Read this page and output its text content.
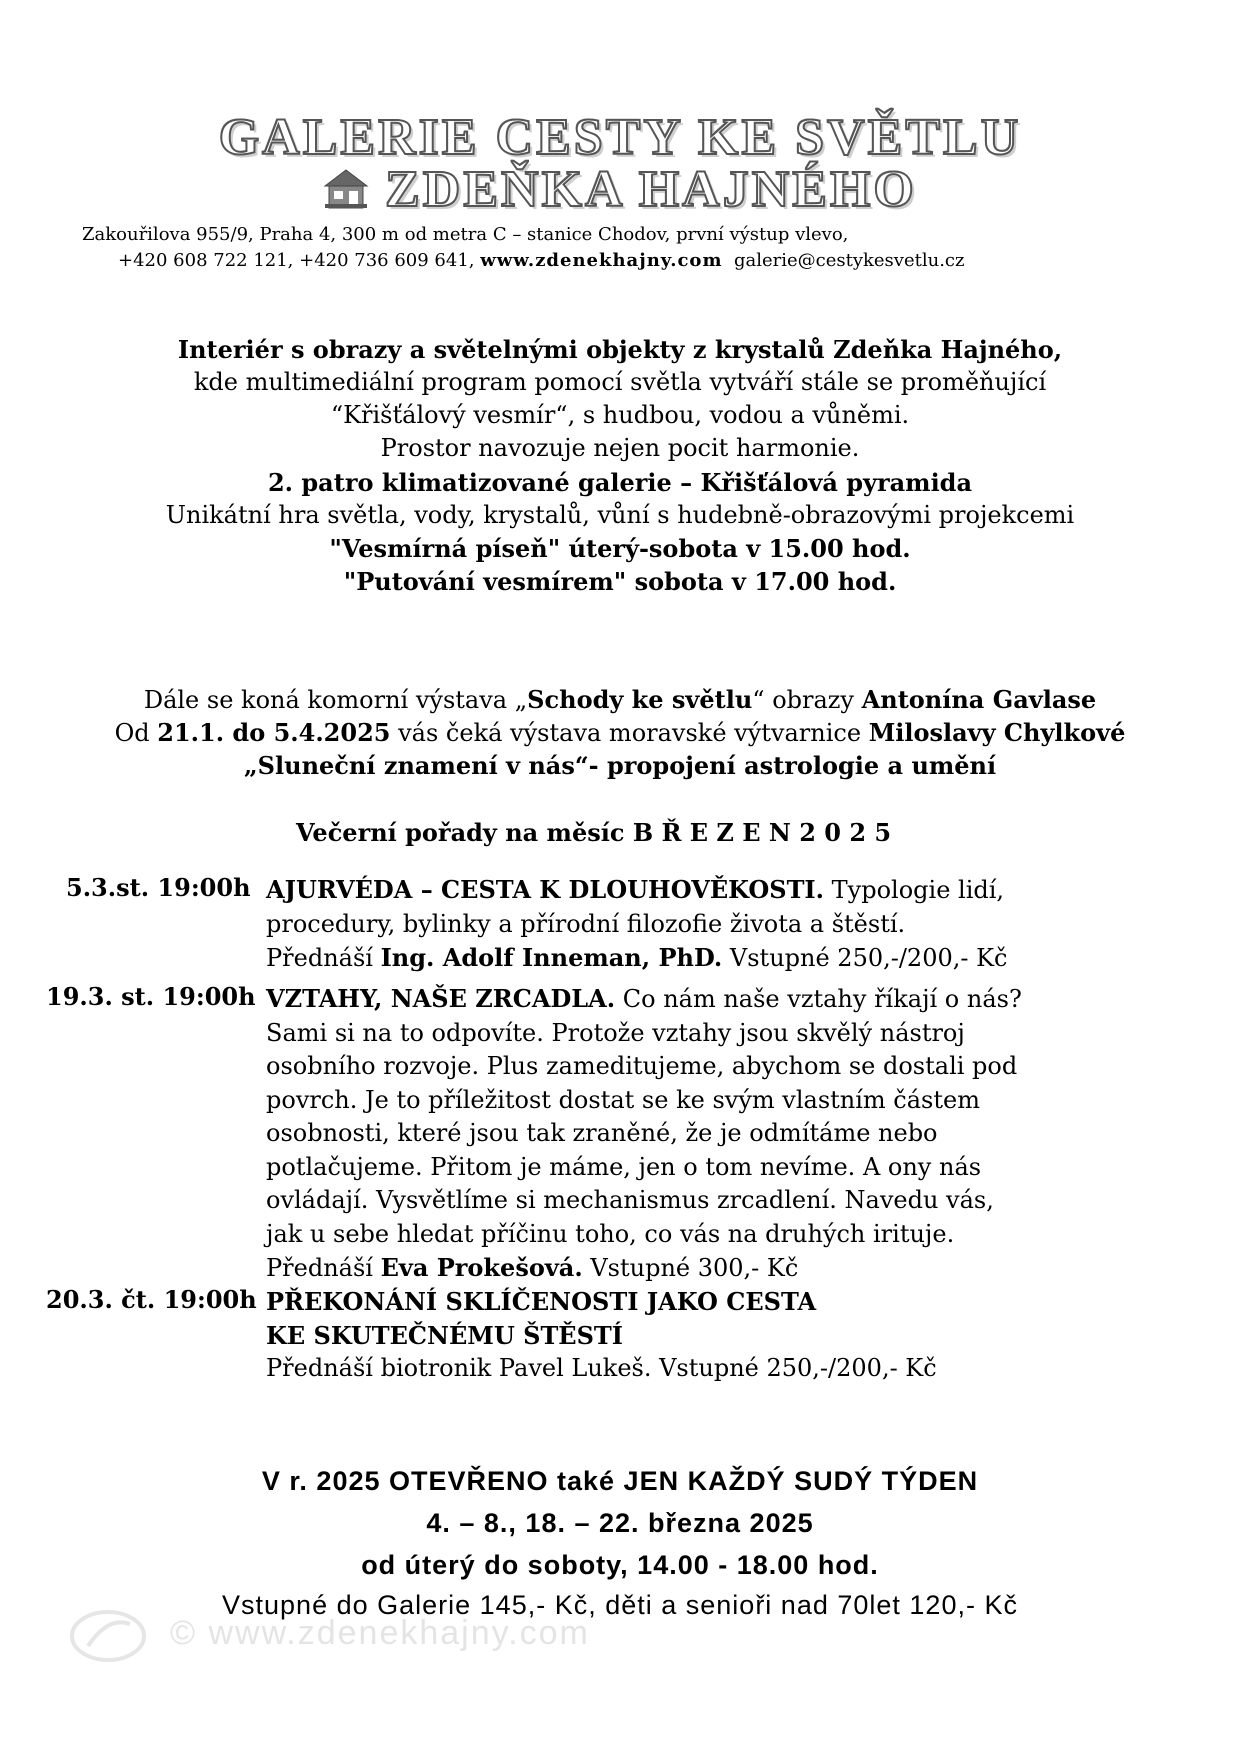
GALERIE CESTY KE SVĚTLU
ZDEŇKA HAJNÉHO
Zakouřilova 955/9, Praha 4, 300 m od metra C – stanice Chodov, první výstup vlevo,
+420 608 722 121, +420 736 609 641, www.zdenekhajny.com galerie@cestykesvetlu.cz
Interiér s obrazy a světelnými objekty z krystalů Zdeňka Hajného,
kde multimediální program pomocí světla vytváří stále se proměňující
“Křišťálový vesmír“, s hudbou, vodou a vůněmi.
Prostor navozuje nejen pocit harmonie.
2. patro klimatizované galerie – Křišťálová pyramida
Unikátní hra světla, vody, krystalů, vůní s hudebně-obrazovými projekcemi
"Vesmírná píseň" úterý-sobota v 15.00 hod.
"Putování vesmírem" sobota v 17.00 hod.
Dále se koná komorní výstava „Schody ke světlu“ obrazy Antonína Gavlase
Od 21.1. do 5.4.2025 vás čeká výstava moravské výtvarnice Miloslavy Chylkové
„Sluneční znamení v nás“- propojení astrologie a umění
Večerní pořady na měsíc B Ř E Z E N 2 0 2 5
5.3.st. 19:00h AJURVÉDA – CESTA K DLOUHOVĚKOSTI. Typologie lidí,
procedury, bylinky a přírodní filozofie života a štěstí.
Přednáší Ing. Adolf Inneman, PhD. Vstupné 250,-/200,- Kč
19.3. st. 19:00h VZTAHY, NAŠE ZRCADLA. Co nám naše vztahy říkají o nás?
Sami si na to odpovíte. Protože vztahy jsou skvělý nástroj
osobního rozvoje. Plus zameditujeme, abychom se dostali pod
povrch. Je to příležitost dostat se ke svým vlastním částem
osobnosti, které jsou tak zraněné, že je odmítáme nebo
potlačujeme. Přitom je máme, jen o tom nevíme. A ony nás
ovládají. Vysvětlíme si mechanismus zrcadlení. Navedu vás,
jak u sebe hledat příčinu toho, co vás na druhých irituje.
Přednáší Eva Prokešová. Vstupné 300,- Kč
20.3. čt. 19:00h PŘEKONÁNÍ SKLÍČENOSTI JAKO CESTA
KE SKUTEČNÉMU ŠTĚSTÍ
Přednáší biotronik Pavel Lukeš. Vstupné 250,-/200,- Kč
V r. 2025 OTEVŘENO také JEN KAŽDÝ SUDÝ TÝDEN
4. – 8., 18. – 22. března 2025
od úterý do soboty, 14.00 - 18.00 hod.
Vstupné do Galerie 145,- Kč, děti a senioři nad 70let 120,- Kč
© www.zdenekhajny.com
